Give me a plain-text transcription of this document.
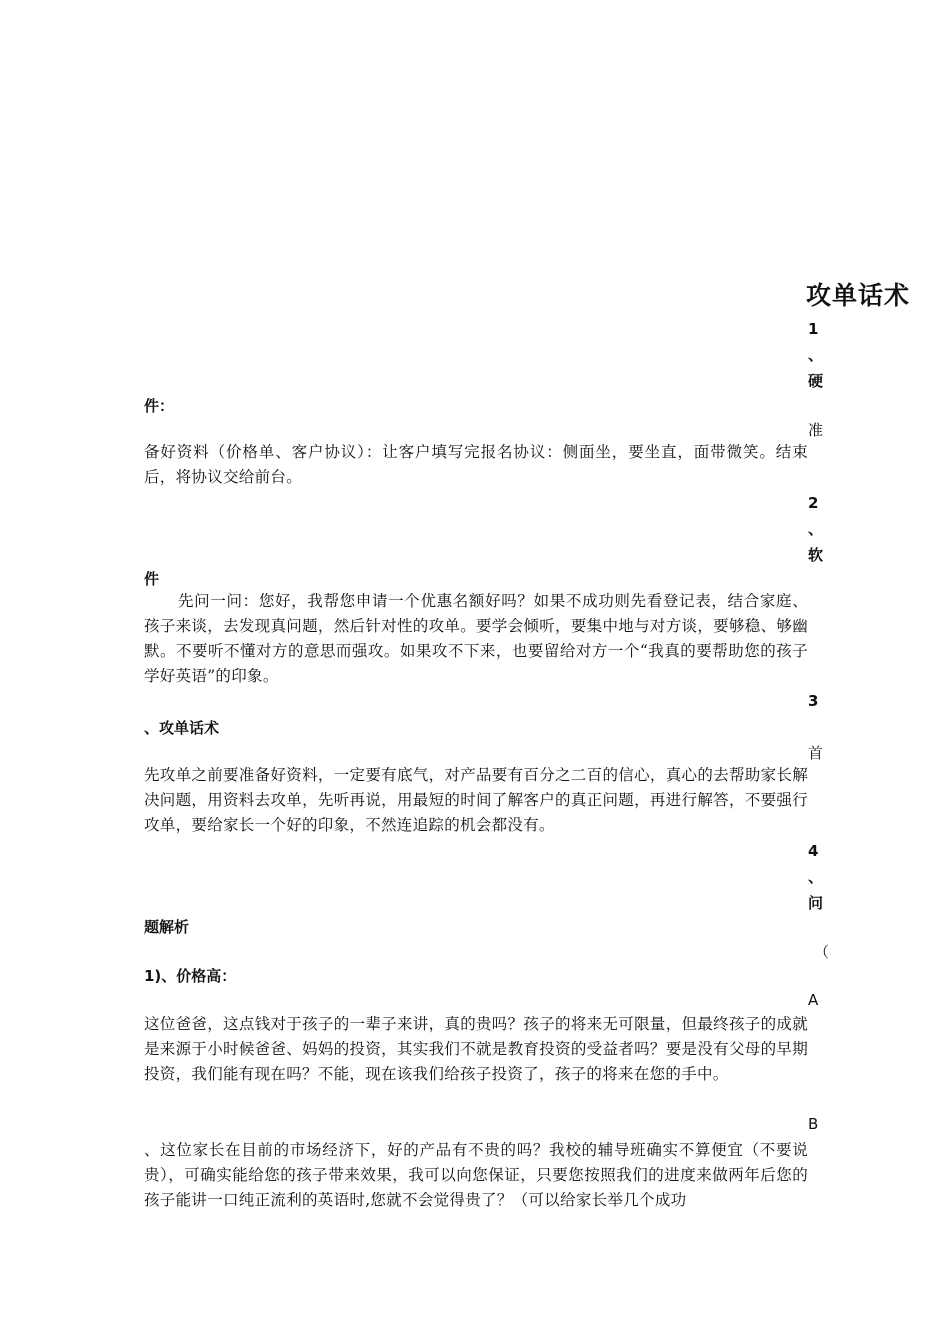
攻单话术
1
、
硬
准
2
、
软
3
首
4
、
问
（
A
B
件：
备好资料（价格单、客户协议）：让客户填写完报名协议：侧面坐，要坐直，面带微笑。结束后，将协议交给前台。
件
先问一问：您好，我帮您申请一个优惠名额好吗？如果不成功则先看登记表，结合家庭、孩子来谈，去发现真问题，然后针对性的攻单。要学会倾听，要集中地与对方谈，要够稳、够幽默。不要听不懂对方的意思而强攻。如果攻不下来，也要留给对方一个“我真的要帮助您的孩子学好英语”的印象。
、攻单话术
先攻单之前要准备好资料，一定要有底气，对产品要有百分之二百的信心，真心的去帮助家长解决问题，用资料去攻单，先听再说，用最短的时间了解客户的真正问题，再进行解答，不要强行攻单，要给家长一个好的印象，不然连追踪的机会都没有。
题解析
1)、价格高：
这位爸爸，这点钱对于孩子的一辈子来讲，真的贵吗？孩子的将来无可限量，但最终孩子的成就是来源于小时候爸爸、妈妈的投资，其实我们不就是教育投资的受益者吗？要是没有父母的早期投资，我们能有现在吗？不能，现在该我们给孩子投资了，孩子的将来在您的手中。
、这位家长在目前的市场经济下，好的产品有不贵的吗？我校的辅导班确实不算便宜（不要说贵），可确实能给您的孩子带来效果，我可以向您保证，只要您按照我们的进度来做两年后您的孩子能讲一口纯正流利的英语时,您就不会觉得贵了？（可以给家长举几个成功
